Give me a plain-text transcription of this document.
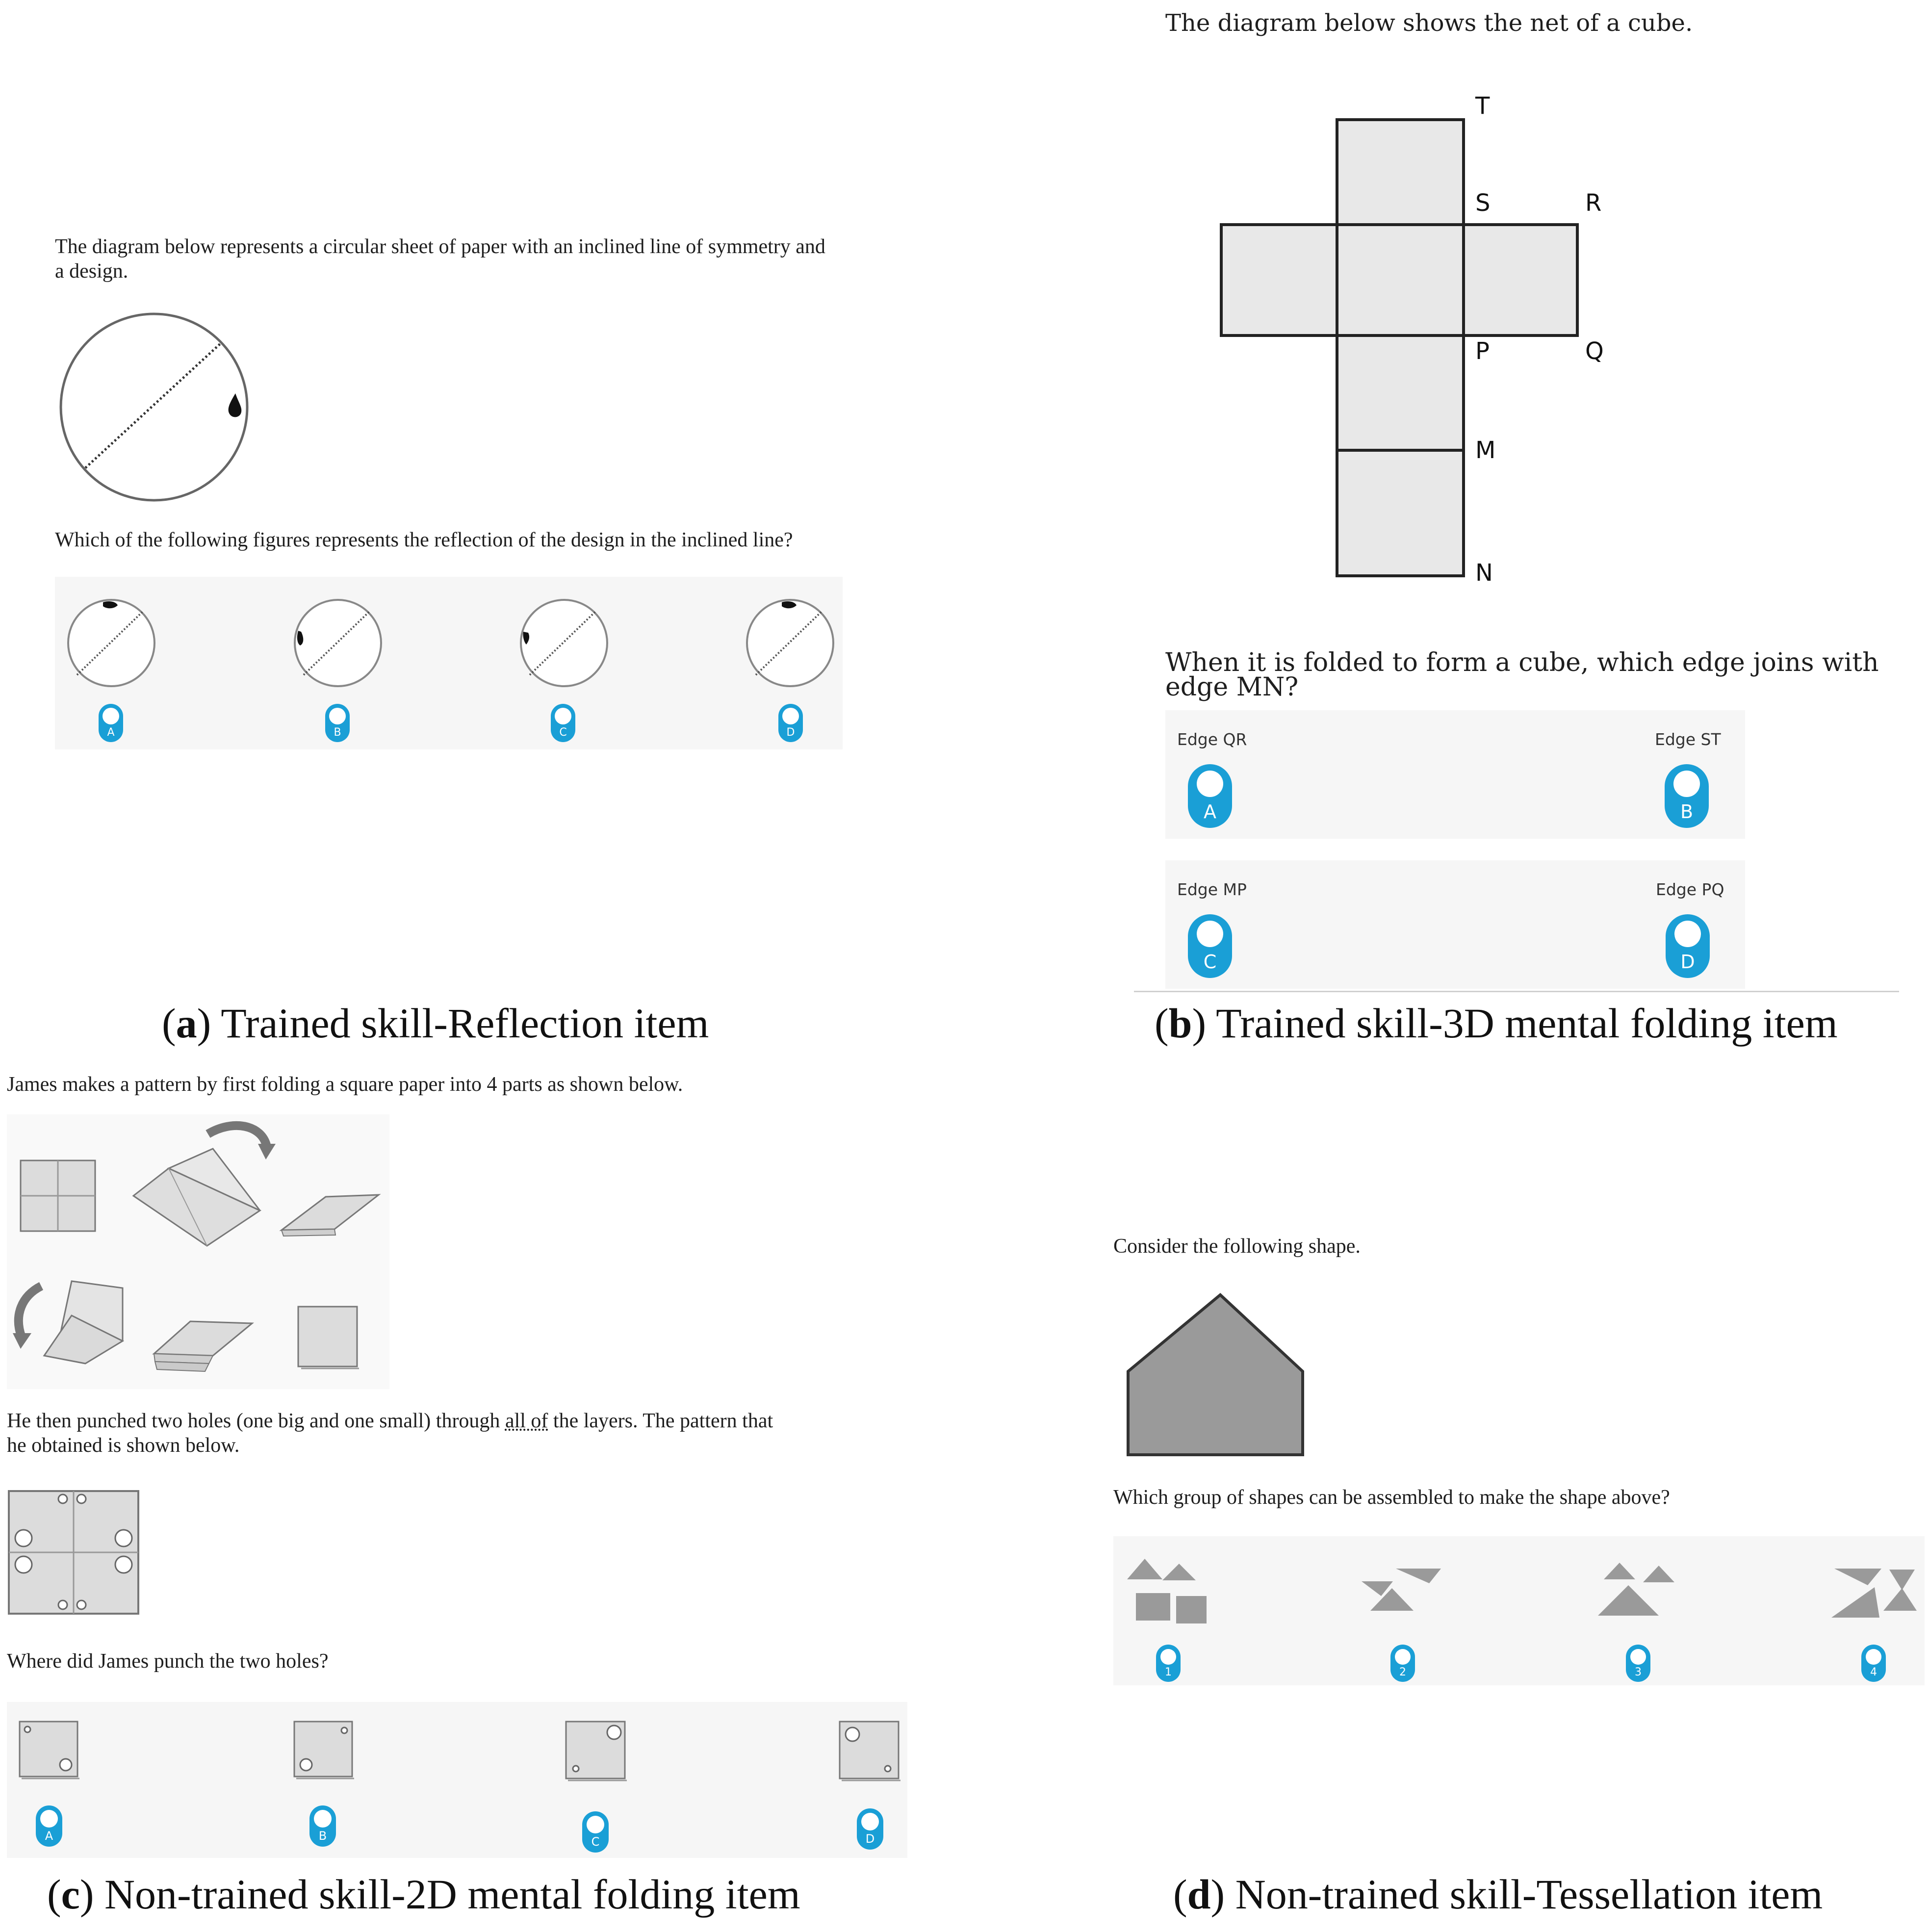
The diagram below represents a circular sheet of paper with an inclined line of symmetry and
a design.
Which of the following figures represents the reflection of the design in the inclined line?
A	B	C	D
(a) Trained skill-Reflection item
The diagram below shows the net of a cube.
T
S	R
P	Q
M
N
When it is folded to form a cube, which edge joins with edge MN?
Edge QR	Edge ST
Edge MP	Edge PQ
A	B
C	D
(b) Trained skill-3D mental folding item
James makes a pattern by first folding a square paper into 4 parts as shown below.
He then punched two holes (one big and one small) through all of the layers. The pattern that
he obtained is shown below.
Where did James punch the two holes?
A	B	C	D
(c) Non-trained skill-2D mental folding item
Consider the following shape.
Which group of shapes can be assembled to make the shape above?
1	2	3	4
(d) Non-trained skill-Tessellation item
